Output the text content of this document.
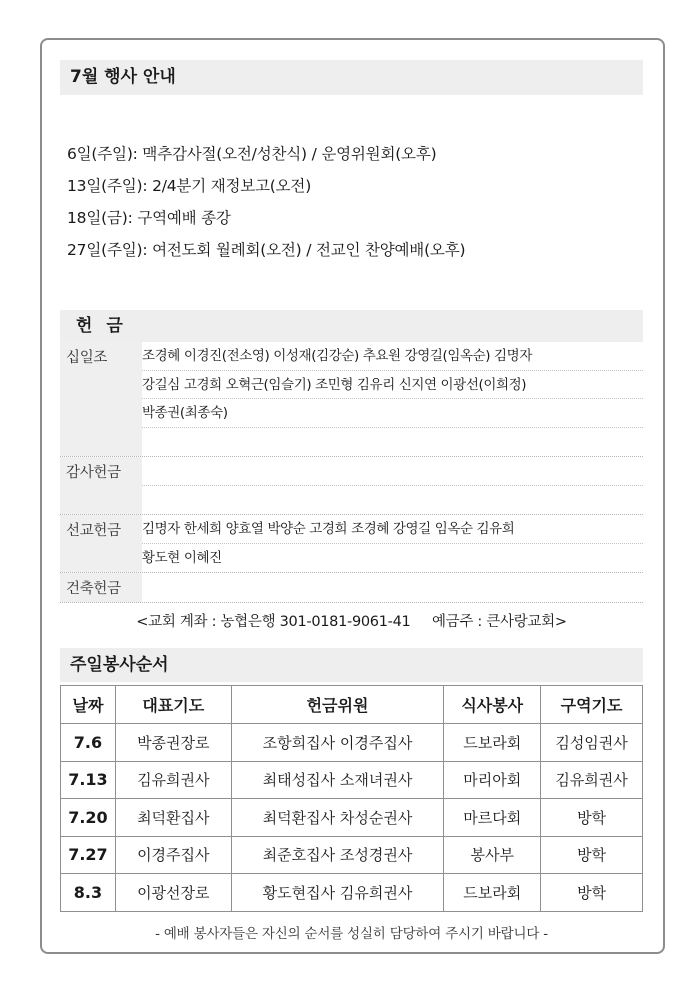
7월 행사 안내
6일(주일): 맥추감사절(오전/성찬식) / 운영위원회(오후)
13일(주일): 2/4분기 재정보고(오전)
18일(금): 구역예배 종강
27일(주일): 여전도회 월례회(오전) / 전교인 찬양예배(오후)
헌 금
십일조	조경혜 이경진(전소영) 이성재(김강순) 추요원 강영길(임옥순) 김명자
강길심 고경희 오혁근(임슬기) 조민형 김유리 신지연 이광선(이희정)
박종권(최종숙)
감사헌금
선교헌금	김명자 한세희 양효열 박양순 고경희 조경혜 강영길 임옥순 김유희
황도현 이혜진
건축헌금
<교회 계좌 : 농협은행 301-0181-9061-41     예금주 : 큰사랑교회>
주일봉사순서
날짜	대표기도	헌금위원	식사봉사	구역기도
7.6	박종권장로	조항희집사 이경주집사	드보라회	김성임권사
7.13	김유희권사	최태성집사 소재녀권사	마리아회	김유희권사
7.20	최덕환집사	최덕환집사 차성순권사	마르다회	방학
7.27	이경주집사	최준호집사 조성경권사	봉사부	방학
8.3	이광선장로	황도현집사 김유희권사	드보라회	방학
- 예배 봉사자들은 자신의 순서를 성실히 담당하여 주시기 바랍니다 -
